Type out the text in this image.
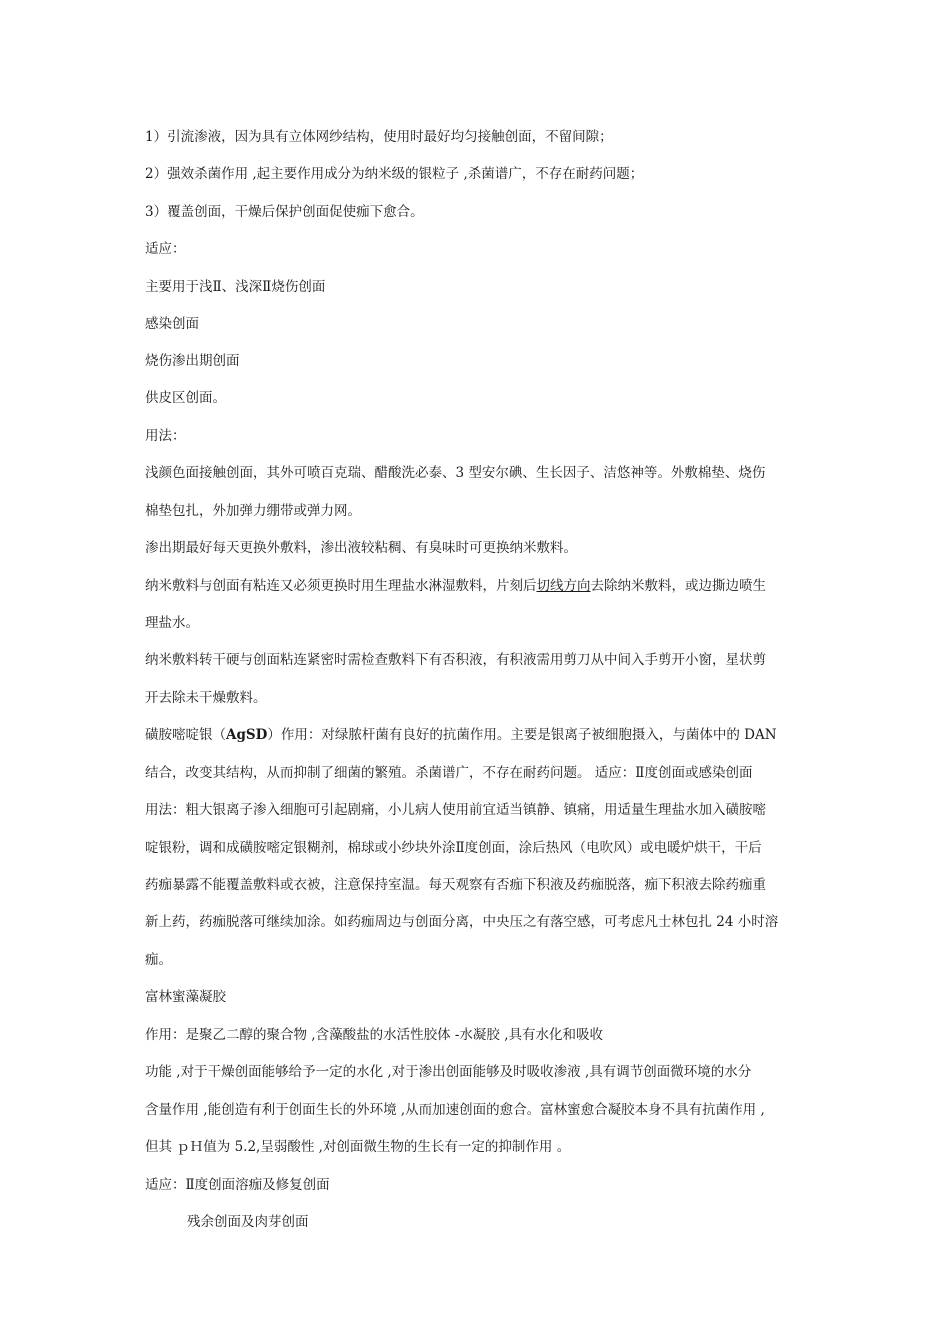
1）引流渗液，因为具有立体网纱结构，使用时最好均匀接触创面，不留间隙；
2）强效杀菌作用 ,起主要作用成分为纳米级的银粒子 ,杀菌谱广，不存在耐药问题；
3）覆盖创面，干燥后保护创面促使痂下愈合。
适应：
主要用于浅Ⅱ、浅深Ⅱ烧伤创面
感染创面
烧伤渗出期创面
供皮区创面。
用法：
浅颜色面接触创面，其外可喷百克瑞、醋酸洗必泰、3 型安尔碘、生长因子、洁悠神等。外敷棉垫、烧伤
棉垫包扎，外加弹力绷带或弹力网。
渗出期最好每天更换外敷料，渗出液较粘稠、有臭味时可更换纳米敷料。
理盐水。
纳米敷料转干硬与创面粘连紧密时需检查敷料下有否积液，有积液需用剪刀从中间入手剪开小窗，星状剪
开去除未干燥敷料。
结合，改变其结构，从而抑制了细菌的繁殖。杀菌谱广，不存在耐药问题。 适应：Ⅱ度创面或感染创面
用法：粗大银离子渗入细胞可引起剧痛，小儿病人使用前宜适当镇静、镇痛，用适量生理盐水加入磺胺嘧
啶银粉，调和成磺胺嘧定银糊剂，棉球或小纱块外涂Ⅱ度创面，涂后热风（电吹风）或电暖炉烘干，干后
药痂暴露不能覆盖敷料或衣被，注意保持室温。每天观察有否痂下积液及药痂脱落，痂下积液去除药痂重
新上药，药痂脱落可继续加涂。如药痂周边与创面分离，中央压之有落空感，可考虑凡士林包扎 24 小时溶
痂。
富林蜜藻凝胶
作用：是聚乙二醇的聚合物 ,含藻酸盐的水活性胶体 -水凝胶 ,具有水化和吸收
功能 ,对于干燥创面能够给予一定的水化 ,对于渗出创面能够及时吸收渗液 ,具有调节创面微环境的水分
含量作用 ,能创造有利于创面生长的外环境 ,从而加速创面的愈合。富林蜜愈合凝胶本身不具有抗菌作用 ,
但其 ｐＨ值为 5.2,呈弱酸性 ,对创面微生物的生长有一定的抑制作用 。
适应：Ⅱ度创面溶痂及修复创面
纳米敷料与创面有粘连又必须更换时用生理盐水淋湿敷料，片刻后切线方向去除纳米敷料，或边撕边喷生
磺胺嘧啶银（AgSD）作用：对绿脓杆菌有良好的抗菌作用。主要是银离子被细胞摄入，与菌体中的 DAN
残余创面及肉芽创面
